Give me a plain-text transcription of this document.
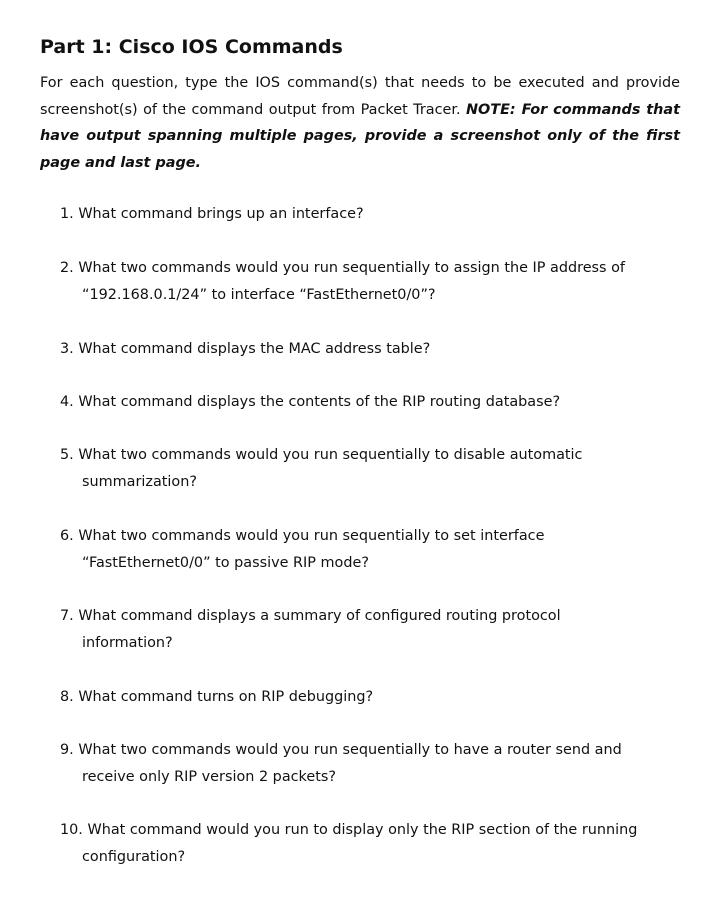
Part 1: Cisco IOS Commands
For each question, type the IOS command(s) that needs to be executed and provide screenshot(s) of the command output from Packet Tracer. NOTE: For commands that have output spanning multiple pages, provide a screenshot only of the first page and last page.
1. What command brings up an interface?
2. What two commands would you run sequentially to assign the IP address of
“192.168.0.1/24” to interface “FastEthernet0/0”?
3. What command displays the MAC address table?
4. What command displays the contents of the RIP routing database?
5. What two commands would you run sequentially to disable automatic
summarization?
6. What two commands would you run sequentially to set interface
“FastEthernet0/0” to passive RIP mode?
7. What command displays a summary of configured routing protocol
information?
8. What command turns on RIP debugging?
9. What two commands would you run sequentially to have a router send and
receive only RIP version 2 packets?
10. What command would you run to display only the RIP section of the running
configuration?
